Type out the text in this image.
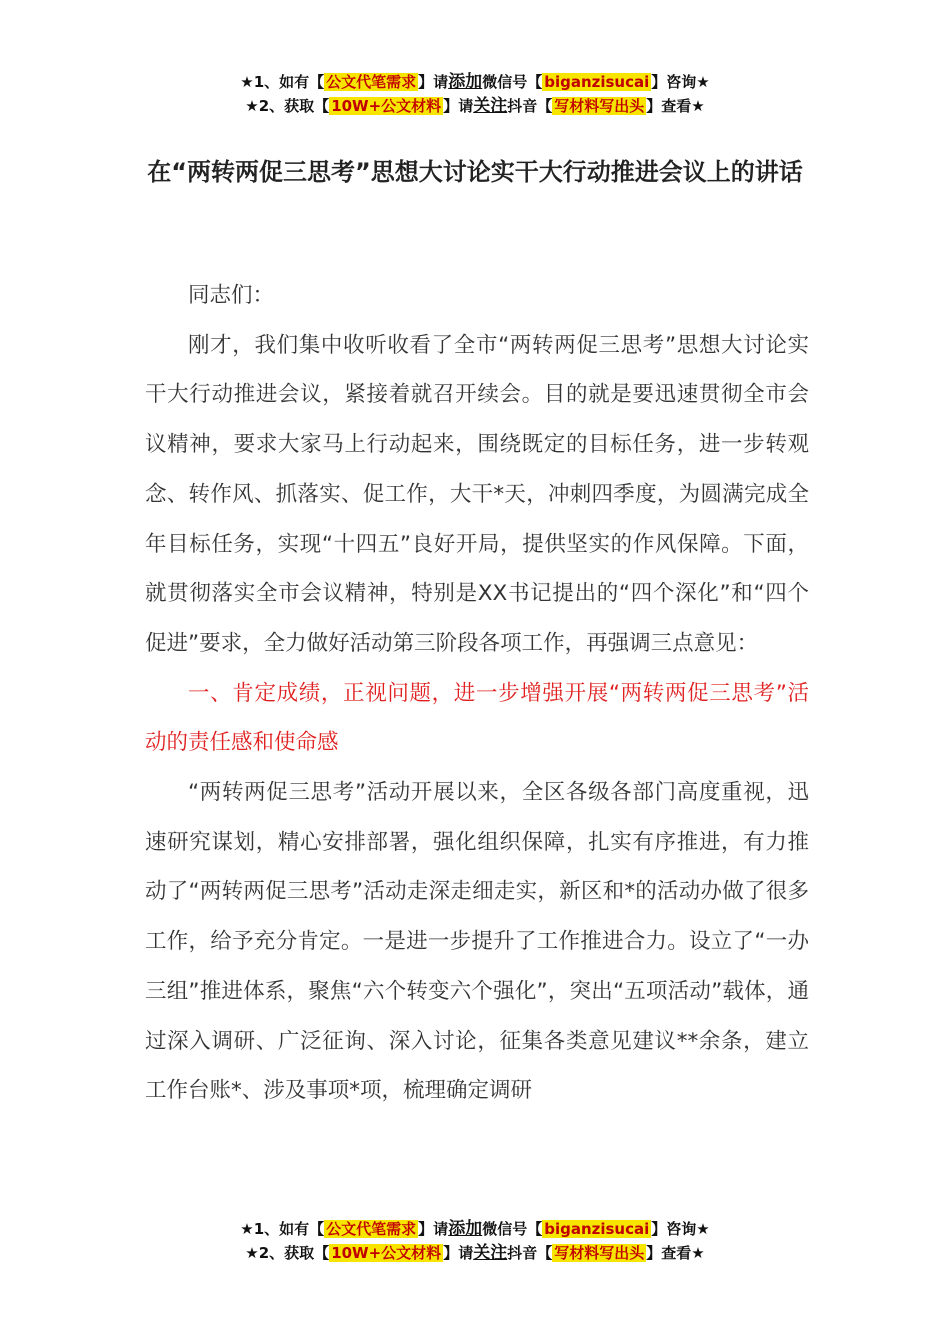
★1、如有【 公文代笔需求 】请添加微信号【 biganzisucai 】咨询★
★2、获取【 10W+公文材料 】请关注抖音【 写材料写出头 】查看★
在“两转两促三思考”思想大讨论实干大行动推进会议上的讲话

同志们：

刚才，我们集中收听收看了全市“两转两促三思考”思想大讨论实干大行动推进会议，紧接着就召开续会。目的就是要迅速贯彻全市会议精神，要求大家马上行动起来，围绕既定的目标任务，进一步转观念、转作风、抓落实、促工作，大干*天，冲刺四季度，为圆满完成全年目标任务，实现“十四五”良好开局，提供坚实的作风保障。下面，就贯彻落实全市会议精神，特别是XX书记提出的“四个深化”和“四个促进”要求，全力做好活动第三阶段各项工作，再强调三点意见：

一、肯定成绩，正视问题，进一步增强开展“两转两促三思考”活动的责任感和使命感

“两转两促三思考”活动开展以来，全区各级各部门高度重视，迅速研究谋划，精心安排部署，强化组织保障，扎实有序推进，有力推动了“两转两促三思考”活动走深走细走实，新区和*的活动办做了很多工作，给予充分肯定。一是进一步提升了工作推进合力。设立了“一办三组”推进体系，聚焦“六个转变六个强化”，突出“五项活动”载体，通过深入调研、广泛征询、深入讨论，征集各类意见建议**余条，建立工作台账*、涉及事项*项，梳理确定调研

★1、如有【 公文代笔需求 】请添加微信号【 biganzisucai 】咨询★
★2、获取【 10W+公文材料 】请关注抖音【 写材料写出头 】查看★
